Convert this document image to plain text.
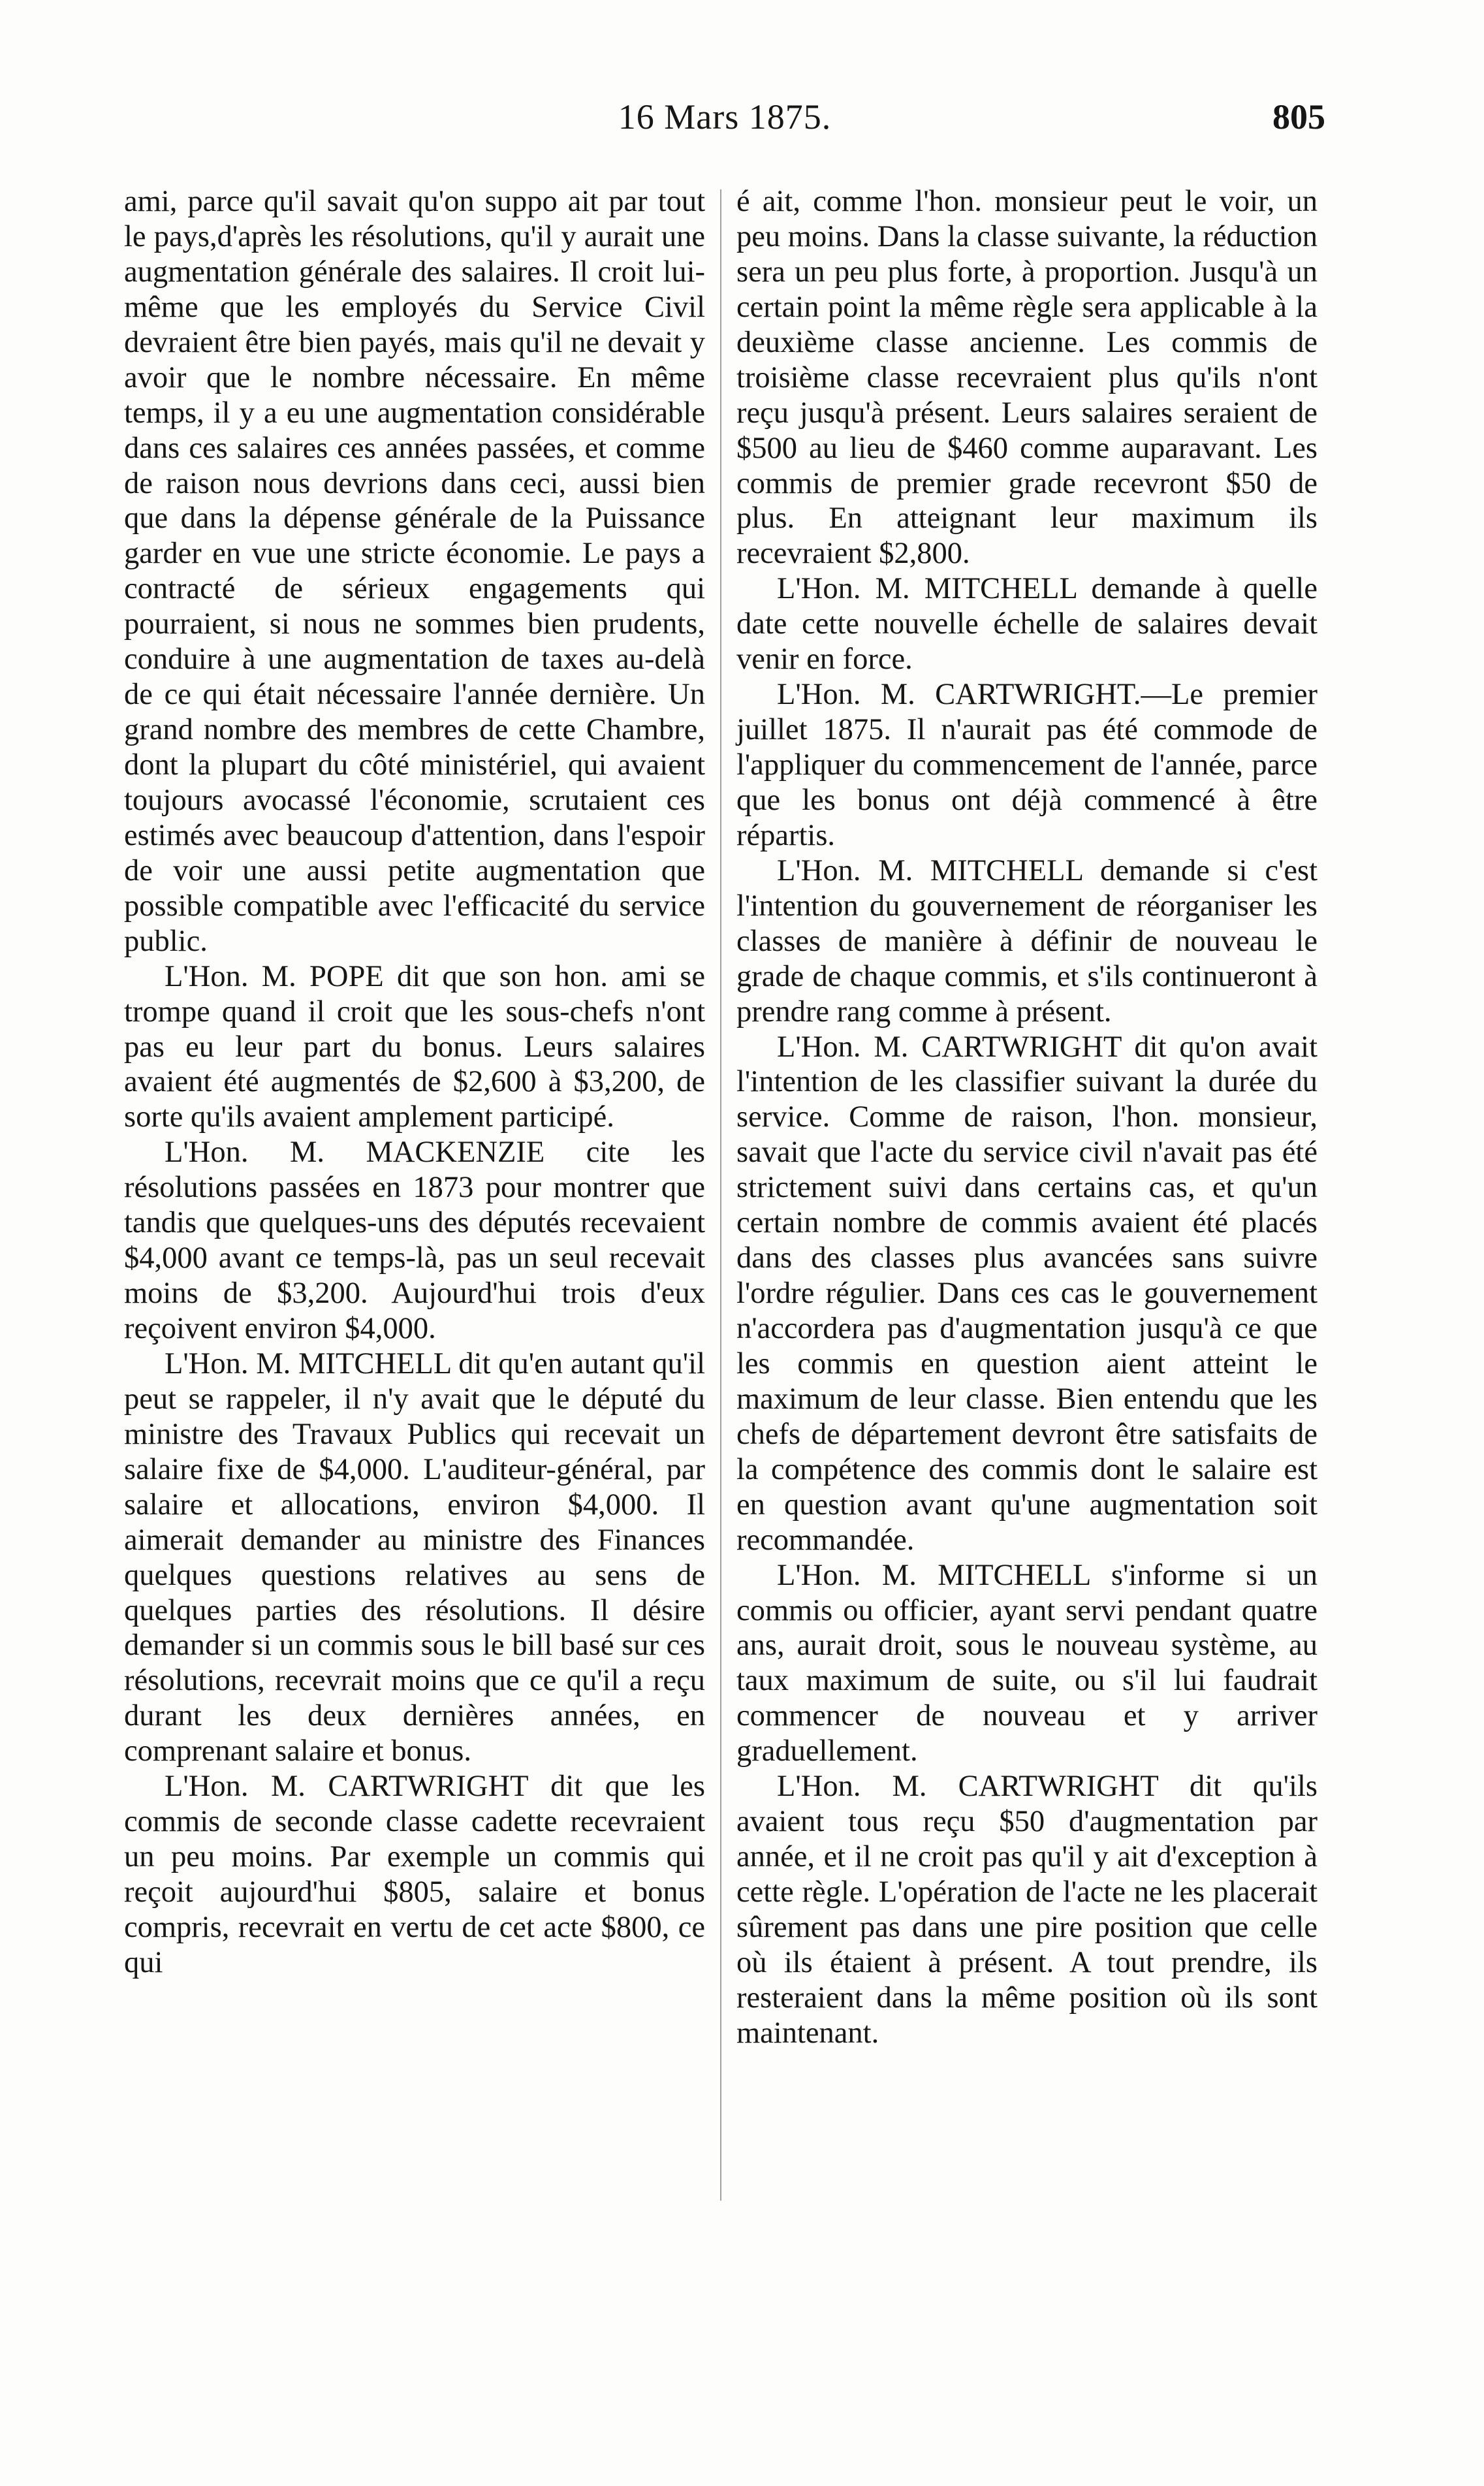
16 Mars 1875.	805

ami, parce qu'il savait qu'on suppo ait par tout le pays,d'après les résolutions, qu'il y aurait une augmentation générale des salaires. Il croit lui-même que les employés du Service Civil devraient être bien payés, mais qu'il ne devait y avoir que le nombre nécessaire. En même temps, il y a eu une augmentation considérable dans ces salaires ces années passées, et comme de raison nous devrions dans ceci, aussi bien que dans la dépense générale de la Puissance garder en vue une stricte économie. Le pays a contracté de sérieux engagements qui pourraient, si nous ne sommes bien prudents, conduire à une augmentation de taxes au-delà de ce qui était nécessaire l'année dernière. Un grand nombre des membres de cette Chambre, dont la plupart du côté ministériel, qui avaient toujours avocassé l'économie, scrutaient ces estimés avec beaucoup d'attention, dans l'espoir de voir une aussi petite augmentation que possible compatible avec l'efficacité du service public.

L'Hon. M. POPE dit que son hon. ami se trompe quand il croit que les sous-chefs n'ont pas eu leur part du bonus. Leurs salaires avaient été augmentés de $2,600 à $3,200, de sorte qu'ils avaient amplement participé.

L'Hon. M. MACKENZIE cite les résolutions passées en 1873 pour montrer que tandis que quelques-uns des députés recevaient $4,000 avant ce temps-là, pas un seul recevait moins de $3,200. Aujourd'hui trois d'eux reçoivent environ $4,000.

L'Hon. M. MITCHELL dit qu'en autant qu'il peut se rappeler, il n'y avait que le député du ministre des Travaux Publics qui recevait un salaire fixe de $4,000. L'auditeur-général, par salaire et allocations, environ $4,000. Il aimerait demander au ministre des Finances quelques questions relatives au sens de quelques parties des résolutions. Il désire demander si un commis sous le bill basé sur ces résolutions, recevrait moins que ce qu'il a reçu durant les deux dernières années, en comprenant salaire et bonus.

L'Hon. M. CARTWRIGHT dit que les commis de seconde classe cadette recevraient un peu moins. Par exemple un commis qui reçoit aujourd'hui $805, salaire et bonus compris, recevrait en vertu de cet acte $800, ce qui

é ait, comme l'hon. monsieur peut le voir, un peu moins. Dans la classe suivante, la réduction sera un peu plus forte, à proportion. Jusqu'à un certain point la même règle sera applicable à la deuxième classe ancienne. Les commis de troisième classe recevraient plus qu'ils n'ont reçu jusqu'à présent. Leurs salaires seraient de $500 au lieu de $460 comme auparavant. Les commis de premier grade recevront $50 de plus. En atteignant leur maximum ils recevraient $2,800.

L'Hon. M. MITCHELL demande à quelle date cette nouvelle échelle de salaires devait venir en force.

L'Hon. M. CARTWRIGHT.—Le premier juillet 1875. Il n'aurait pas été commode de l'appliquer du commencement de l'année, parce que les bonus ont déjà commencé à être répartis.

L'Hon. M. MITCHELL demande si c'est l'intention du gouvernement de réorganiser les classes de manière à définir de nouveau le grade de chaque commis, et s'ils continueront à prendre rang comme à présent.

L'Hon. M. CARTWRIGHT dit qu'on avait l'intention de les classifier suivant la durée du service. Comme de raison, l'hon. monsieur, savait que l'acte du service civil n'avait pas été strictement suivi dans certains cas, et qu'un certain nombre de commis avaient été placés dans des classes plus avancées sans suivre l'ordre régulier. Dans ces cas le gouvernement n'accordera pas d'augmentation jusqu'à ce que les commis en question aient atteint le maximum de leur classe. Bien entendu que les chefs de département devront être satisfaits de la compétence des commis dont le salaire est en question avant qu'une augmentation soit recommandée.

L'Hon. M. MITCHELL s'informe si un commis ou officier, ayant servi pendant quatre ans, aurait droit, sous le nouveau système, au taux maximum de suite, ou s'il lui faudrait commencer de nouveau et y arriver graduellement.

L'Hon. M. CARTWRIGHT dit qu'ils avaient tous reçu $50 d'augmentation par année, et il ne croit pas qu'il y ait d'exception à cette règle. L'opération de l'acte ne les placerait sûrement pas dans une pire position que celle où ils étaient à présent. A tout prendre, ils resteraient dans la même position où ils sont maintenant.
